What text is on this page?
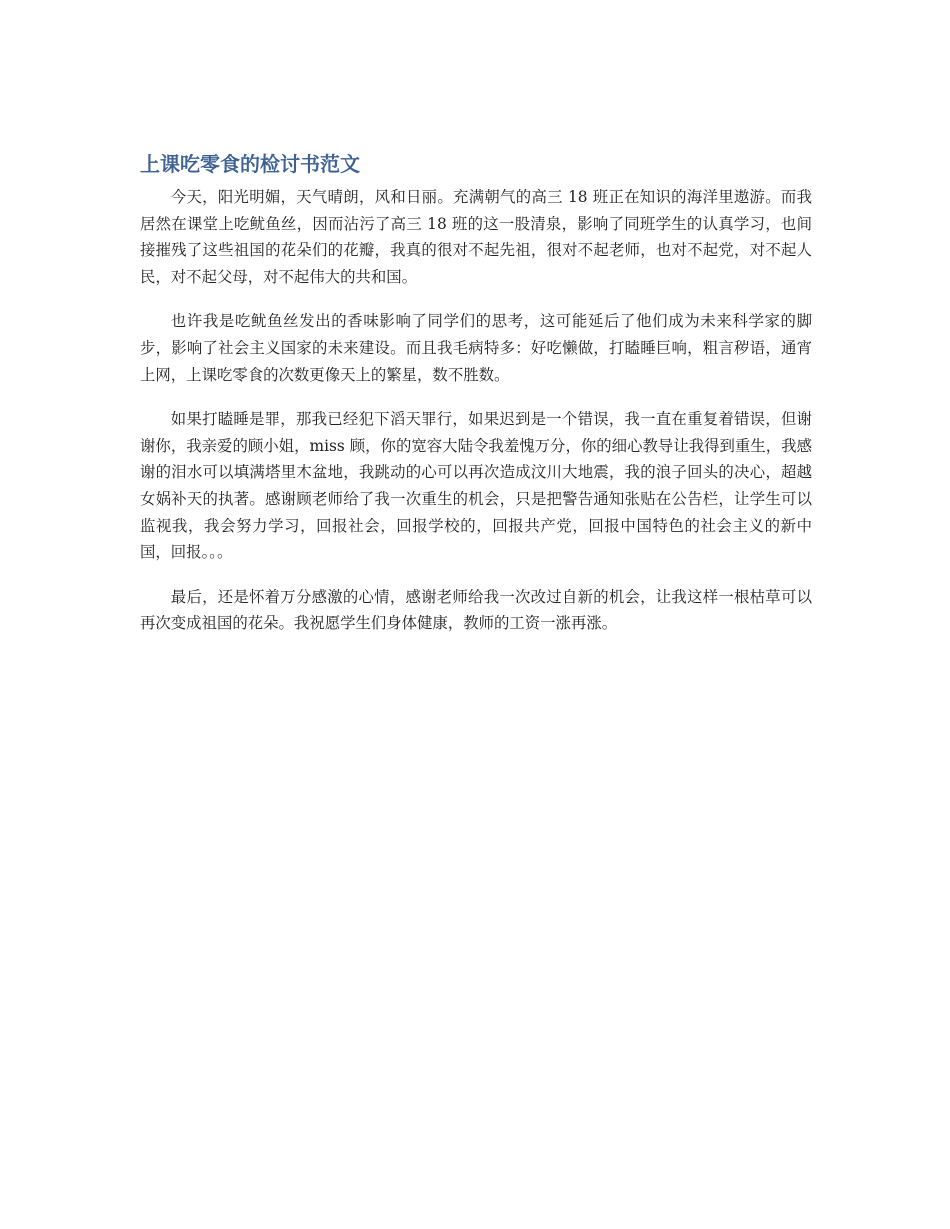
上课吃零食的检讨书范文

今天，阳光明媚，天气晴朗，风和日丽。充满朝气的高三 18 班正在知识的海洋里遨游。而我居然在课堂上吃鱿鱼丝，因而沾污了高三 18 班的这一股清泉，影响了同班学生的认真学习，也间接摧残了这些祖国的花朵们的花瓣，我真的很对不起先祖，很对不起老师，也对不起党，对不起人民，对不起父母，对不起伟大的共和国。

也许我是吃鱿鱼丝发出的香味影响了同学们的思考，这可能延后了他们成为未来科学家的脚步，影响了社会主义国家的未来建设。而且我毛病特多：好吃懒做，打瞌睡巨响，粗言秽语，通宵上网，上课吃零食的次数更像天上的繁星，数不胜数。

如果打瞌睡是罪，那我已经犯下滔天罪行，如果迟到是一个错误，我一直在重复着错误，但谢谢你，我亲爱的顾小姐，miss 顾，你的宽容大陆令我羞愧万分，你的细心教导让我得到重生，我感谢的泪水可以填满塔里木盆地，我跳动的心可以再次造成汶川大地震，我的浪子回头的决心，超越女娲补天的执著。感谢顾老师给了我一次重生的机会，只是把警告通知张贴在公告栏，让学生可以监视我，我会努力学习，回报社会，回报学校的，回报共产党，回报中国特色的社会主义的新中国，回报。。。

最后，还是怀着万分感激的心情，感谢老师给我一次改过自新的机会，让我这样一根枯草可以再次变成祖国的花朵。我祝愿学生们身体健康，教师的工资一涨再涨。
